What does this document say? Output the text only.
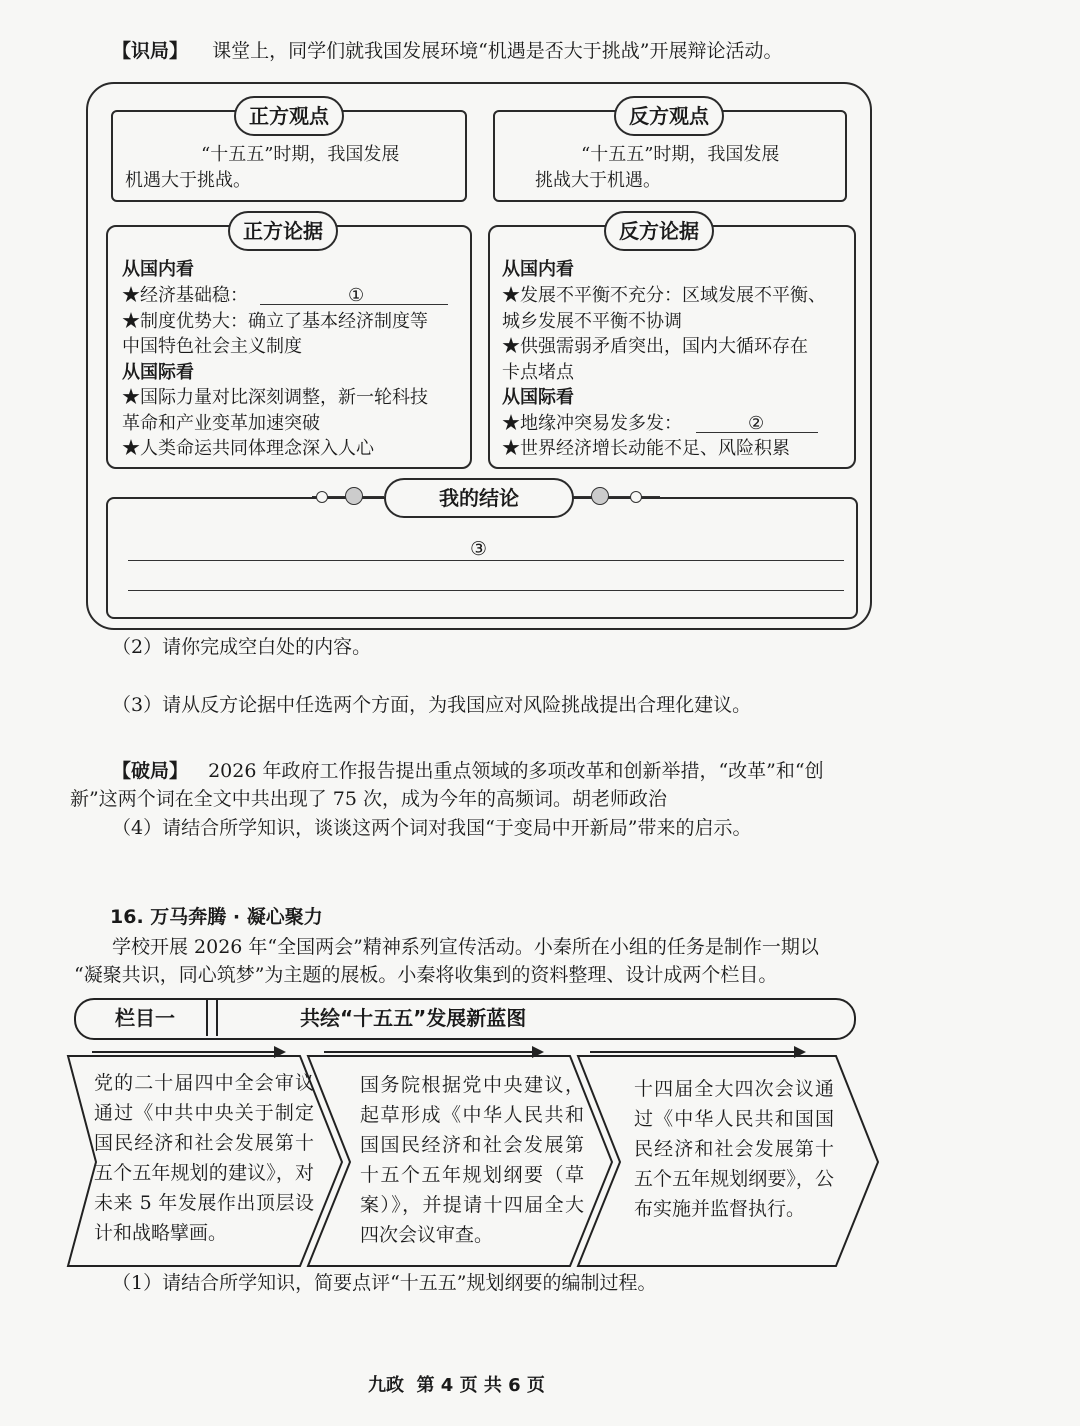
【识局】 课堂上，同学们就我国发展环境“机遇是否大于挑战”开展辩论活动。
“十五五”时期，我国发展
机遇大于挑战。
正方观点
“十五五”时期，我国发展
挑战大于机遇。
反方观点
从国内看
★经济基础稳：	①
★制度优势大：确立了基本经济制度等
中国特色社会主义制度
从国际看
★国际力量对比深刻调整，新一轮科技
革命和产业变革加速突破
★人类命运共同体理念深入人心
正方论据
从国内看
★发展不平衡不充分：区域发展不平衡、
城乡发展不平衡不协调
★供强需弱矛盾突出，国内大循环存在
卡点堵点
从国际看
★地缘冲突易发多发：	②
★世界经济增长动能不足、风险积累
反方论据
我的结论
③
（2）请你完成空白处的内容。
（3）请从反方论据中任选两个方面，为我国应对风险挑战提出合理化建议。
【破局】 2026 年政府工作报告提出重点领域的多项改革和创新举措，“改革”和“创
新”这两个词在全文中共出现了 75 次，成为今年的高频词。胡老师政治
（4）请结合所学知识，谈谈这两个词对我国“于变局中开新局”带来的启示。
16. 万马奔腾 · 凝心聚力
学校开展 2026 年“全国两会”精神系列宣传活动。小秦所在小组的任务是制作一期以
“凝聚共识，同心筑梦”为主题的展板。小秦将收集到的资料整理、设计成两个栏目。
栏目一	共绘“十五五”发展新蓝图
党的二十届四中全会审议通过《中共中央关于制定国民经济和社会发展第十五个五年规划的建议》，对未来 5 年发展作出顶层设计和战略擘画。
国务院根据党中央建议，起草形成《中华人民共和国国民经济和社会发展第十五个五年规划纲要（草案）》，并提请十四届全大四次会议审查。
十四届全大四次会议通过《中华人民共和国国民经济和社会发展第十五个五年规划纲要》，公布实施并监督执行。
（1）请结合所学知识，简要点评“十五五”规划纲要的编制过程。
九政  第 4 页 共 6 页
